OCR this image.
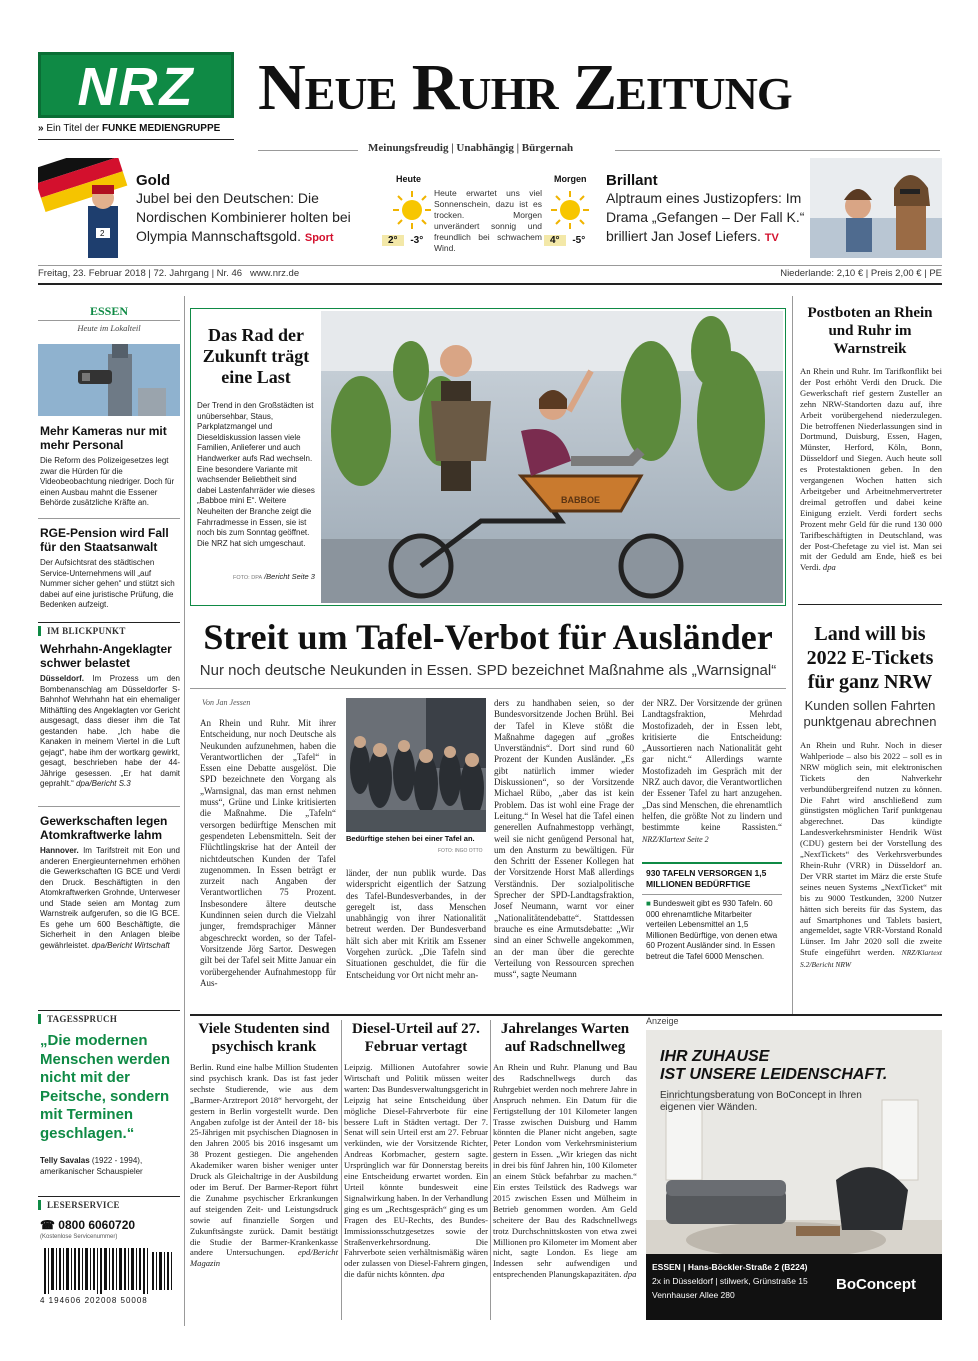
NRZ
» Ein Titel der FUNKE MEDIENGRUPPE
Neue Ruhr Zeitung
Meinungsfreudig | Unabhängig | Bürgernah
2
Gold
Jubel bei den Deutschen: Die Nordischen Kombinierer holten bei Olympia Mannschaftsgold. Sport
Heute
2° -3°
Heute erwartet uns viel Sonnenschein, dazu ist es trocken. Morgen unverändert sonnig und freundlich bei schwachem Wind.
Morgen
4° -5°
Brillant
Alptraum eines Justizopfers: Im Drama „Gefangen – Der Fall K.“ brilliert Jan Josef Liefers. TV
Freitag, 23. Februar 2018 | 72. Jahrgang | Nr. 46 www.nrz.de	Niederlande: 2,10 € | Preis 2,00 € | PE
ESSEN
Heute im Lokalteil
Mehr Kameras nur mit mehr Personal
Die Reform des Polizeigesetzes legt zwar die Hürden für die Videobeobachtung niedriger. Doch für einen Ausbau mahnt die Essener Behörde zusätzliche Kräfte an.
RGE-Pension wird Fall für den Staatsanwalt
Der Aufsichtsrat des städtischen Service-Unternehmens will „auf Nummer sicher gehen“ und stützt sich dabei auf eine juristische Prüfung, die Bedenken aufzeigt.
IM BLICKPUNKT
Wehrhahn-Angeklagter schwer belastet
Düsseldorf. Im Prozess um den Bombenanschlag am Düsseldorfer S-Bahnhof Wehrhahn hat ein ehemaliger Mithäftling des Angeklagten vor Gericht ausgesagt, dass dieser ihm die Tat gestanden habe. „Ich habe die Kanaken in meinem Viertel in die Luft gejagt“, habe ihm der wortkarg gewirkt, gesagt, beschrieben habe der 44-Jährige gesessen. „Er hat damit geprahlt.“ dpa/Bericht S.3
Gewerkschaften legen Atomkraftwerke lahm
Hannover. Im Tarifstreit mit Eon und anderen Energieunternehmen erhöhen die Gewerkschaften IG BCE und Verdi den Druck. Beschäftigten in den Atomkraftwerken Grohnde, Unterweser und Stade seien am Montag zum Warnstreik aufgerufen, so die IG BCE. Es gehe um 600 Beschäftigte, die Sicherheit in den Anlagen bleibe gewährleistet. dpa/Bericht Wirtschaft
TAGESSPRUCH
„Die modernen Menschen werden nicht mit der Peitsche, sondern mit Terminen geschlagen.“
Telly Savalas (1922 - 1994), amerikanischer Schauspieler
LESERSERVICE
☎ 0800 6060720
(Kostenlose Servicenummer)
4 194606 202008 50008
Das Rad der Zukunft trägt eine Last
Der Trend in den Großstädten ist unübersehbar, Staus, Parkplatzmangel und Dieseldiskussion lassen viele Familien, Anlieferer und auch Handwerker aufs Rad wechseln. Eine besondere Variante mit wachsender Beliebtheit sind dabei Lastenfahrräder wie dieses „Babboe mini E“. Weitere Neuheiten der Branche zeigt die Fahrradmesse in Essen, sie ist noch bis zum Sonntag geöffnet. Die NRZ hat sich umgeschaut.
FOTO: DPA /Bericht Seite 3
BABBOE
Streit um Tafel-Verbot für Ausländer
Nur noch deutsche Neukunden in Essen. SPD bezeichnet Maßnahme als „Warnsignal“
Von Jan Jessen
An Rhein und Ruhr. Mit ihrer Entscheidung, nur noch Deutsche als Neukunden aufzunehmen, haben die Verantwortlichen der „Tafel“ in Essen eine Debatte ausgelöst. Die SPD bezeichnete den Vorgang als „Warnsignal, das man ernst nehmen muss“, Grüne und Linke kritisierten die Maßnahme. Die „Tafeln“ versorgen bedürftige Menschen mit gespendeten Lebensmitteln. Seit der Flüchtlingskrise hat der Anteil der nichtdeutschen Kunden der Tafel zugenommen. In Essen beträgt er zurzeit nach Angaben der Verantwortlichen 75 Prozent. Insbesondere ältere deutsche Kundinnen seien durch die Vielzahl junger, fremdsprachiger Männer abgeschreckt worden, so der Tafel-Vorsitzende Jörg Sartor. Deswegen gilt bei der Tafel seit Mitte Januar ein vorübergehender Aufnahmestopp für Aus-
Bedürftige stehen bei einer Tafel an.
FOTO: INGO OTTO
länder, der nun publik wurde. Das widerspricht eigentlich der Satzung des Tafel-Bundesverbandes, in der geregelt ist, dass Menschen unabhängig von ihrer Nationalität betreut werden. Der Bundesverband hält sich aber mit Kritik am Essener Vorgehen zurück. „Die Tafeln sind Situationen geschuldet, die für die Entscheidung vor Ort nicht mehr an-
ders zu handhaben seien, so der Bundesvorsitzende Jochen Brühl. Bei der Tafel in Kleve stößt die Maßnahme dagegen auf „großes Unverständnis“. Dort sind rund 60 Prozent der Kunden Ausländer. „Es gibt natürlich immer wieder Diskussionen“, so der Vorsitzende Michael Rübo, „aber das ist kein Problem. Das ist wohl eine Frage der Leitung.“ In Wesel hat die Tafel einen generellen Aufnahmestopp verhängt, weil sie nicht genügend Personal hat, um den Ansturm zu bewältigen. Für den Schritt der Essener Kollegen hat der Vorsitzende Horst Maß allerdings Verständnis. Der sozialpolitische Sprecher der SPD-Landtagsfraktion, Josef Neumann, warnt vor einer „Nationalitätendebatte“. Stattdessen brauche es eine Armutsdebatte: „Wir sind an einer Schwelle angekommen, an der man über die gerechte Verteilung von Ressourcen sprechen muss“, sagte Neumann
der NRZ. Der Vorsitzende der grünen Landtagsfraktion, Mehrdad Mostofizadeh, der in Essen lebt, kritisierte die Entscheidung: „Aussortieren nach Nationalität geht gar nicht.“ Allerdings warnte Mostofizadeh im Gespräch mit der NRZ auch davor, die Verantwortlichen der Essener Tafel zu hart anzugehen. „Das sind Menschen, die ehrenamtlich helfen, die größte Not zu lindern und bestimmte keine Rassisten.“ NRZ/Klartext Seite 2
930 TAFELN VERSORGEN 1,5 MILLIONEN BEDÜRFTIGE
■ Bundesweit gibt es 930 Tafeln. 60 000 ehrenamtliche Mitarbeiter verteilen Lebensmittel an 1,5 Millionen Bedürftige, von denen etwa 60 Prozent Ausländer sind. In Essen betreut die Tafel 6000 Menschen.
Postboten an Rhein und Ruhr im Warnstreik
An Rhein und Ruhr. Im Tarifkonflikt bei der Post erhöht Verdi den Druck. Die Gewerkschaft rief gestern Zusteller an zehn NRW-Standorten dazu auf, ihre Arbeit vorübergehend niederzulegen. Die betroffenen Niederlassungen sind in Dortmund, Duisburg, Essen, Hagen, Münster, Herford, Köln, Bonn, Düsseldorf und Siegen. Auch heute soll es Protestaktionen geben. In den vergangenen Wochen hatten sich Arbeitgeber und Arbeitnehmervertreter dreimal getroffen und dabei keine Einigung erzielt. Verdi fordert sechs Prozent mehr Geld für die rund 130 000 Tarifbeschäftigten in Deutschland, was der Post-Chefetage zu viel ist. Man sei mit der Geduld am Ende, hieß es bei Verdi. dpa
Land will bis 2022 E-Tickets für ganz NRW
Kunden sollen Fahrten punktgenau abrechnen
An Rhein und Ruhr. Noch in dieser Wahlperiode – also bis 2022 – soll es in NRW möglich sein, mit elektronischen Tickets den Nahverkehr verbundübergreifend nutzen zu können. Die Fahrt wird anschließend zum günstigsten möglichen Tarif punktgenau abgerechnet. Das kündigte Landesverkehrsminister Hendrik Wüst (CDU) gestern bei der Vorstellung des „NextTickets“ des Verkehrsverbundes Rhein-Ruhr (VRR) in Düsseldorf an. Der VRR startet im März die erste Stufe seines neuen Systems „NextTicket“ mit bis zu 9000 Testkunden, 3200 Nutzer hätten sich bereits für das System, das auf Smartphones und Tablets basiert, angemeldet, sagte VRR-Vorstand Ronald Lünser. Im Jahr 2020 soll die zweite Stufe eingeführt werden. NRZ/Klartext S.2/Bericht NRW
Viele Studenten sind psychisch krank
Berlin. Rund eine halbe Million Studenten sind psychisch krank. Das ist fast jeder sechste Studierende, wie aus dem „Barmer-Arztreport 2018“ hervorgeht, der gestern in Berlin vorgestellt wurde. Den Angaben zufolge ist der Anteil der 18- bis 25-Jährigen mit psychischen Diagnosen in den Jahren 2005 bis 2016 insgesamt um 38 Prozent gestiegen. Die angehenden Akademiker waren bisher weniger unter Druck als Gleichaltrige in der Ausbildung oder im Beruf. Der Barmer-Report führt die Zunahme psychischer Erkrankungen auf steigenden Zeit- und Leistungsdruck sowie auf finanzielle Sorgen und Zukunftsängste zurück. Damit bestätigt die Studie der Barmer-Krankenkasse andere Untersuchungen. epd/Bericht Magazin
Diesel-Urteil auf 27. Februar vertagt
Leipzig. Millionen Autofahrer sowie Wirtschaft und Politik müssen weiter warten: Das Bundesverwaltungsgericht in Leipzig hat seine Entscheidung über mögliche Diesel-Fahrverbote für eine bessere Luft in Städten vertagt. Der 7. Senat will sein Urteil erst am 27. Februar verkünden, wie der Vorsitzende Richter, Andreas Korbmacher, gestern sagte. Ursprünglich war für Donnerstag bereits eine Entscheidung erwartet worden. Ein Urteil könnte bundesweit eine Signalwirkung haben. In der Verhandlung ging es um „Rechtsgespräch“ ging es um Fragen des EU-Rechts, des Bundes-Immissionsschutzgesetzes sowie der Straßenverkehrsordnung. Die Fahrverbote seien verhältnismäßig wären oder zulassen von Diesel-Fahrern gingen, die dafür nichts könnten. dpa
Jahrelanges Warten auf Radschnellweg
An Rhein und Ruhr. Planung und Bau des Radschnellwegs durch das Ruhrgebiet werden noch mehrere Jahre in Anspruch nehmen. Ein Datum für die Fertigstellung der 101 Kilometer langen Trasse zwischen Duisburg und Hamm könnten die Planer nicht angeben, sagte Peter London vom Verkehrsministerium gestern in Essen. „Wir kriegen das nicht in drei bis fünf Jahren hin, 100 Kilometer an einem Stück befahrbar zu machen.“ Ein erstes Teilstück des Radwegs war 2015 zwischen Essen und Mülheim in Betrieb genommen worden. Am Geld scheitere der Bau des Radschnellwegs trotz Durchschnittskosten von etwa zwei Millionen pro Kilometer im Moment aber nicht, sagte London. Es liege am Indessen sehr aufwendigen und entsprechenden Planungskapazitäten. dpa
Anzeige
IHR ZUHAUSE
IST UNSERE LEIDENSCHAFT.
Einrichtungsberatung von BoConcept in Ihren eigenen vier Wänden.
ESSEN | Hans-Böckler-Straße 2 (B224)
2x in Düsseldorf | stilwerk, Grünstraße 15
Vennhauser Allee 280
BoConcept
